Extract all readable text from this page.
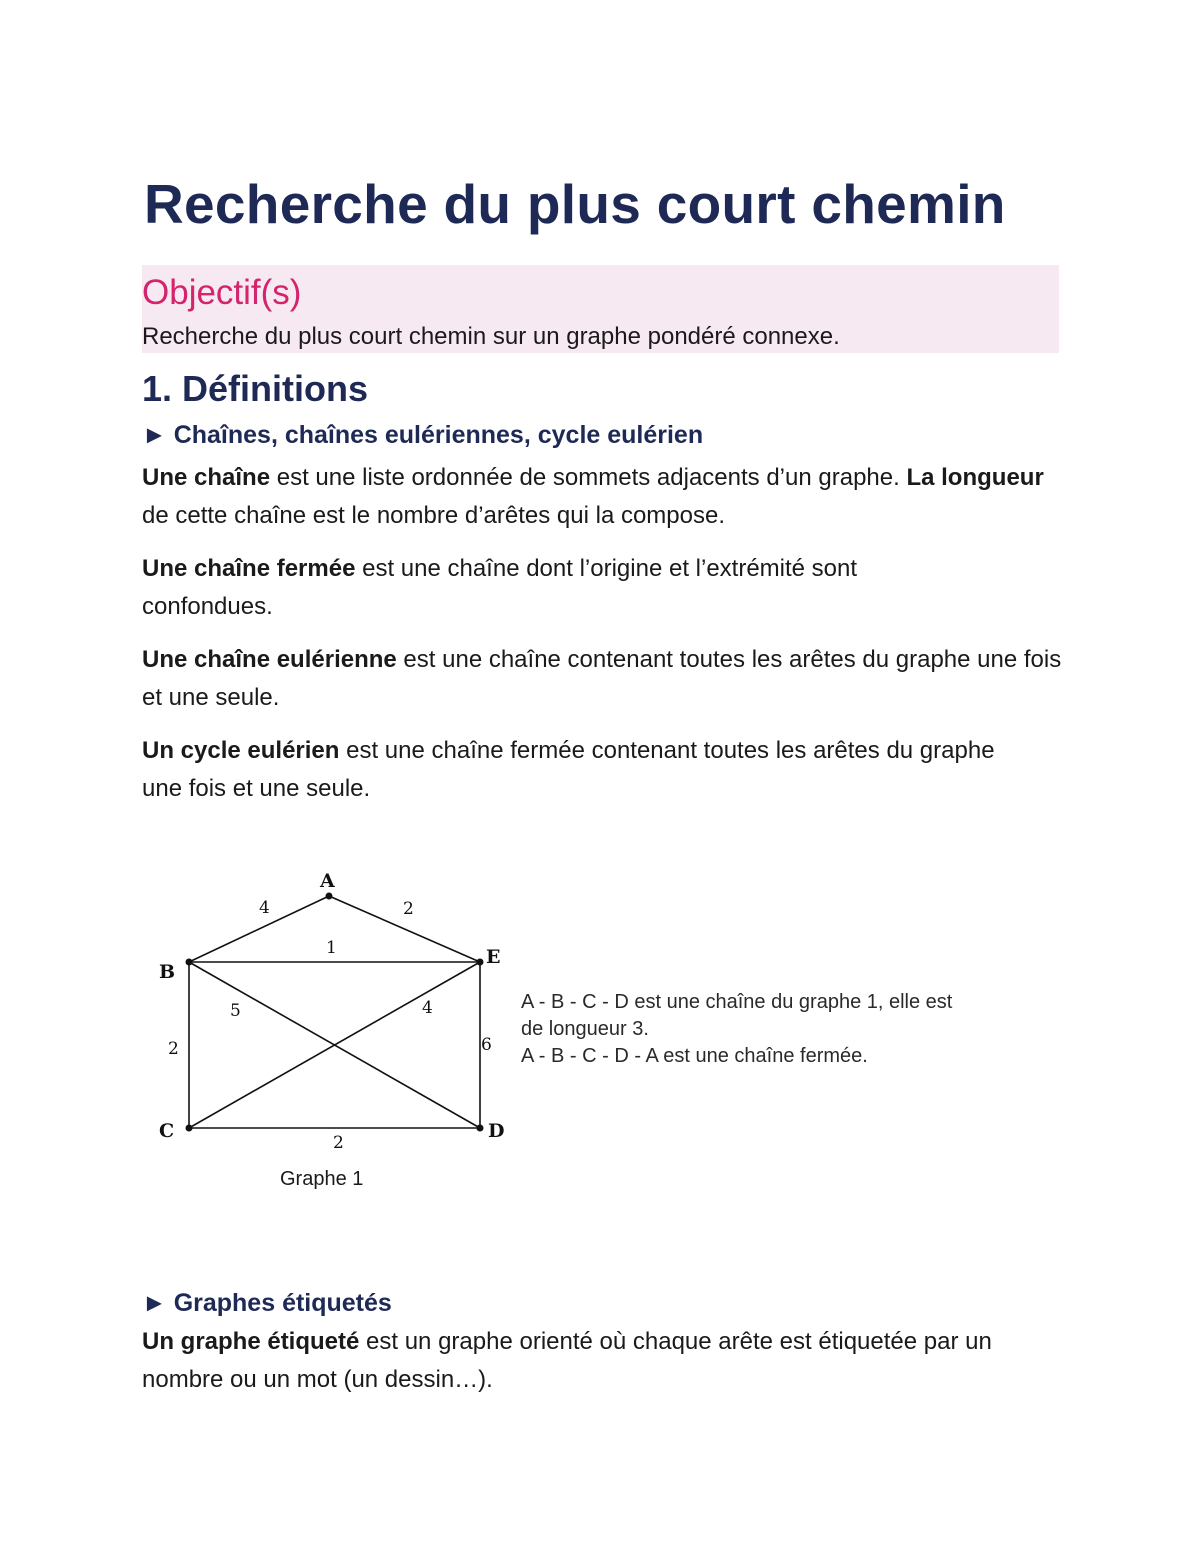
Recherche du plus court chemin
Objectif(s)
Recherche du plus court chemin sur un graphe pondéré connexe.
1. Définitions
► Chaînes, chaînes eulériennes, cycle eulérien

Une chaîne est une liste ordonnée de sommets adjacents d’un graphe. La longueur de cette chaîne est le nombre d’arêtes qui la compose.

Une chaîne fermée est une chaîne dont l’origine et l’extrémité sont confondues.

Une chaîne eulérienne est une chaîne contenant toutes les arêtes du graphe une fois et une seule.

Un cycle eulérien est une chaîne fermée contenant toutes les arêtes du graphe une fois et une seule.

► Graphes étiquetés

Un graphe étiqueté est un graphe orienté où chaque arête est étiquetée par un nombre ou un mot (un dessin…).

A
B
C	D
E
4	2
1
5	4
2	6
2
Graphe 1
A - B - C - D est une chaîne du graphe 1, elle est
de longueur 3.
A - B - C - D - A est une chaîne fermée.
